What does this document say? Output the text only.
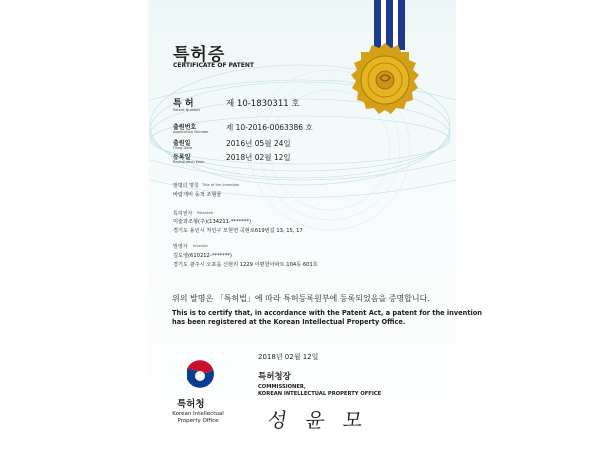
특허증
CERTIFICATE OF PATENT
특 허
Patent Number
제 10-1830311 호
출원번호
Application Number 제 10-2016-0063386 호
출원일
Filing Date	2016년 05월 24일
등록일
Registration Date	2018년 02월 12일
발명의 명칭 Title of the Invention
바람개비 동적 조형물
특허권자 Patentee
미술과조형(주)(134211-*******)
경기도 용인시 처인구 모현면 곡현로619번길 13, 15, 17
발명자 Inventor
김도영(610212-*******)
경기도 광주시 오포읍 신현리 1229 이편한아파트 104동 601호
위의 발명은 「특허법」에 따라 특허등록원부에 등록되었음을 증명합니다.
This is to certify that, in accordance with the Patent Act, a patent for the invention
has been registered at the Korean Intellectual Property Office.
2018년 02월 12일
특허청장
COMMISSIONER,
KOREAN INTELLECTUAL PROPERTY OFFICE
성 윤 모
특허청
Korean Intellectual Property Office
